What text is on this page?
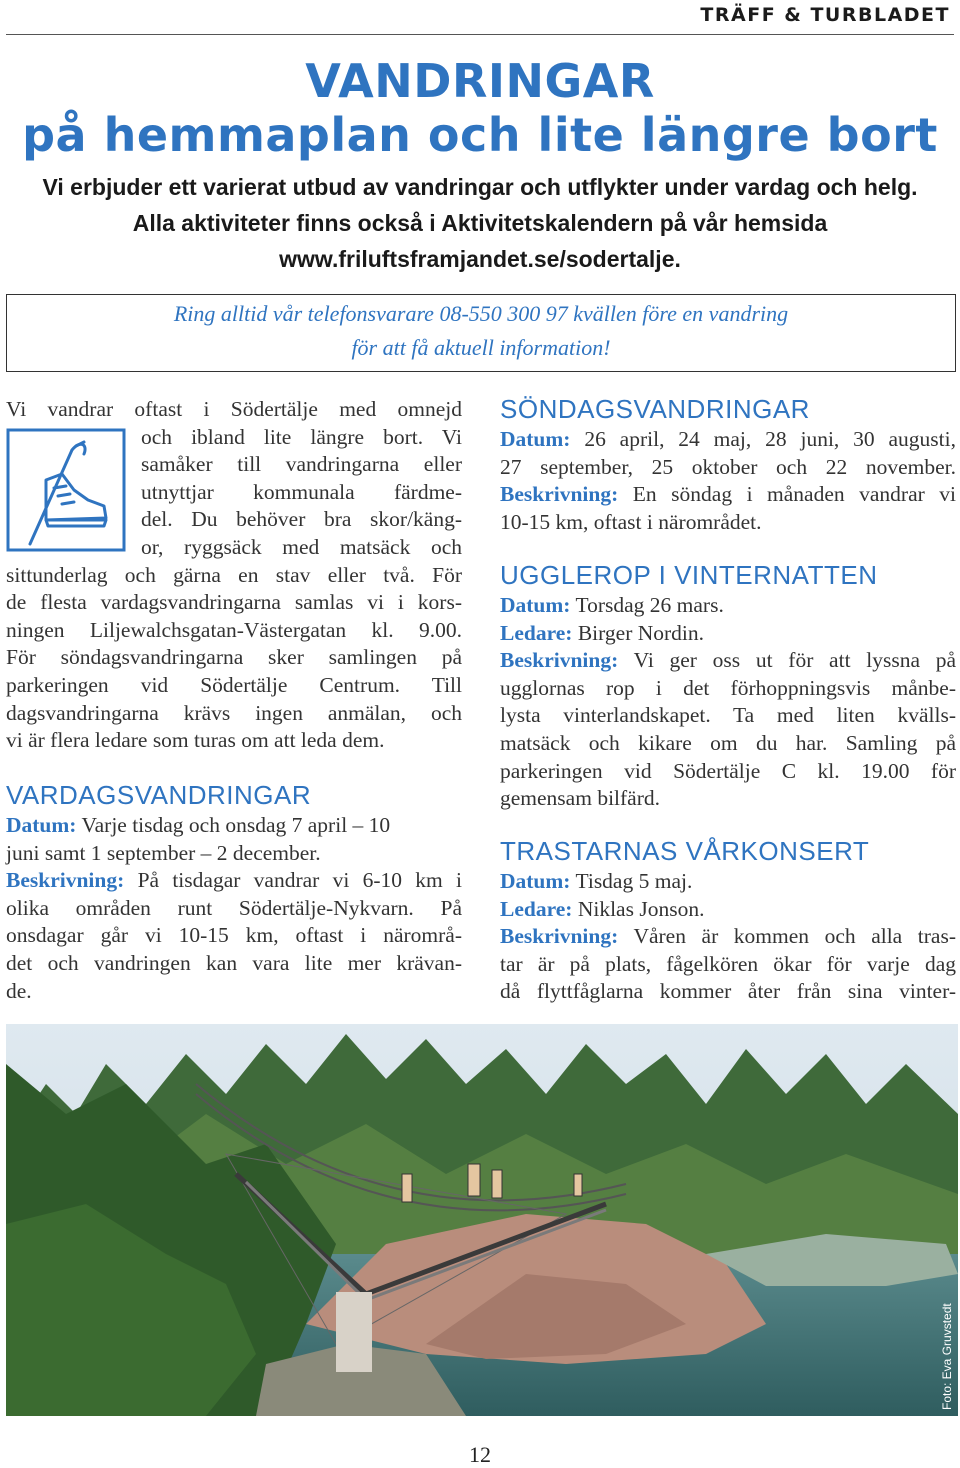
TRÄFF & TURBLADET
VANDRINGAR
på hemmaplan och lite längre bort
Vi erbjuder ett varierat utbud av vandringar och utflykter under vardag och helg.
Alla aktiviteter finns också i Aktivitetskalendern på vår hemsida
www.friluftsframjandet.se/sodertalje.
Ring alltid vår telefonsvarare 08-550 300 97 kvällen före en vandring
för att få aktuell information!
Vi vandrar oftast i Södertälje med omnejd
och ibland lite längre bort. Vi
samåker till vandringarna eller
utnyttjar kommunala färdme-
del. Du behöver bra skor/käng-
or, ryggsäck med matsäck och
sittunderlag och gärna en stav eller två. För
de flesta vardagsvandringarna samlas vi i kors-
ningen Liljewalchsgatan-Västergatan kl. 9.00.
För söndagsvandringarna sker samlingen på
parkeringen vid Södertälje Centrum. Till
dagsvandringarna krävs ingen anmälan, och
vi är flera ledare som turas om att leda dem.
VARDAGSVANDRINGAR
Datum: Varje tisdag och onsdag 7 april – 10
juni samt 1 september – 2 december.
Beskrivning: På tisdagar vandrar vi 6-10 km i
olika områden runt Södertälje-Nykvarn. På
onsdagar går vi 10-15 km, oftast i närområ-
det och vandringen kan vara lite mer krävan-
de.
SÖNDAGSVANDRINGAR
Datum: 26 april, 24 maj, 28 juni, 30 augusti,
27 september, 25 oktober och 22 november.
Beskrivning: En söndag i månaden vandrar vi
10-15 km, oftast i närområdet.
UGGLEROP I VINTERNATTEN
Datum: Torsdag 26 mars.
Ledare: Birger Nordin.
Beskrivning: Vi ger oss ut för att lyssna på
ugglornas rop i det förhoppningsvis månbe-
lysta vinterlandskapet. Ta med liten kvälls-
matsäck och kikare om du har. Samling på
parkeringen vid Södertälje C kl. 19.00 för
gemensam bilfärd.
TRASTARNAS VÅRKONSERT
Datum: Tisdag 5 maj.
Ledare: Niklas Jonson.
Beskrivning: Våren är kommen och alla tras-
tar är på plats, fågelkören ökar för varje dag
då flyttfåglarna kommer åter från sina vinter-
Foto: Eva Gruvstedt
12
